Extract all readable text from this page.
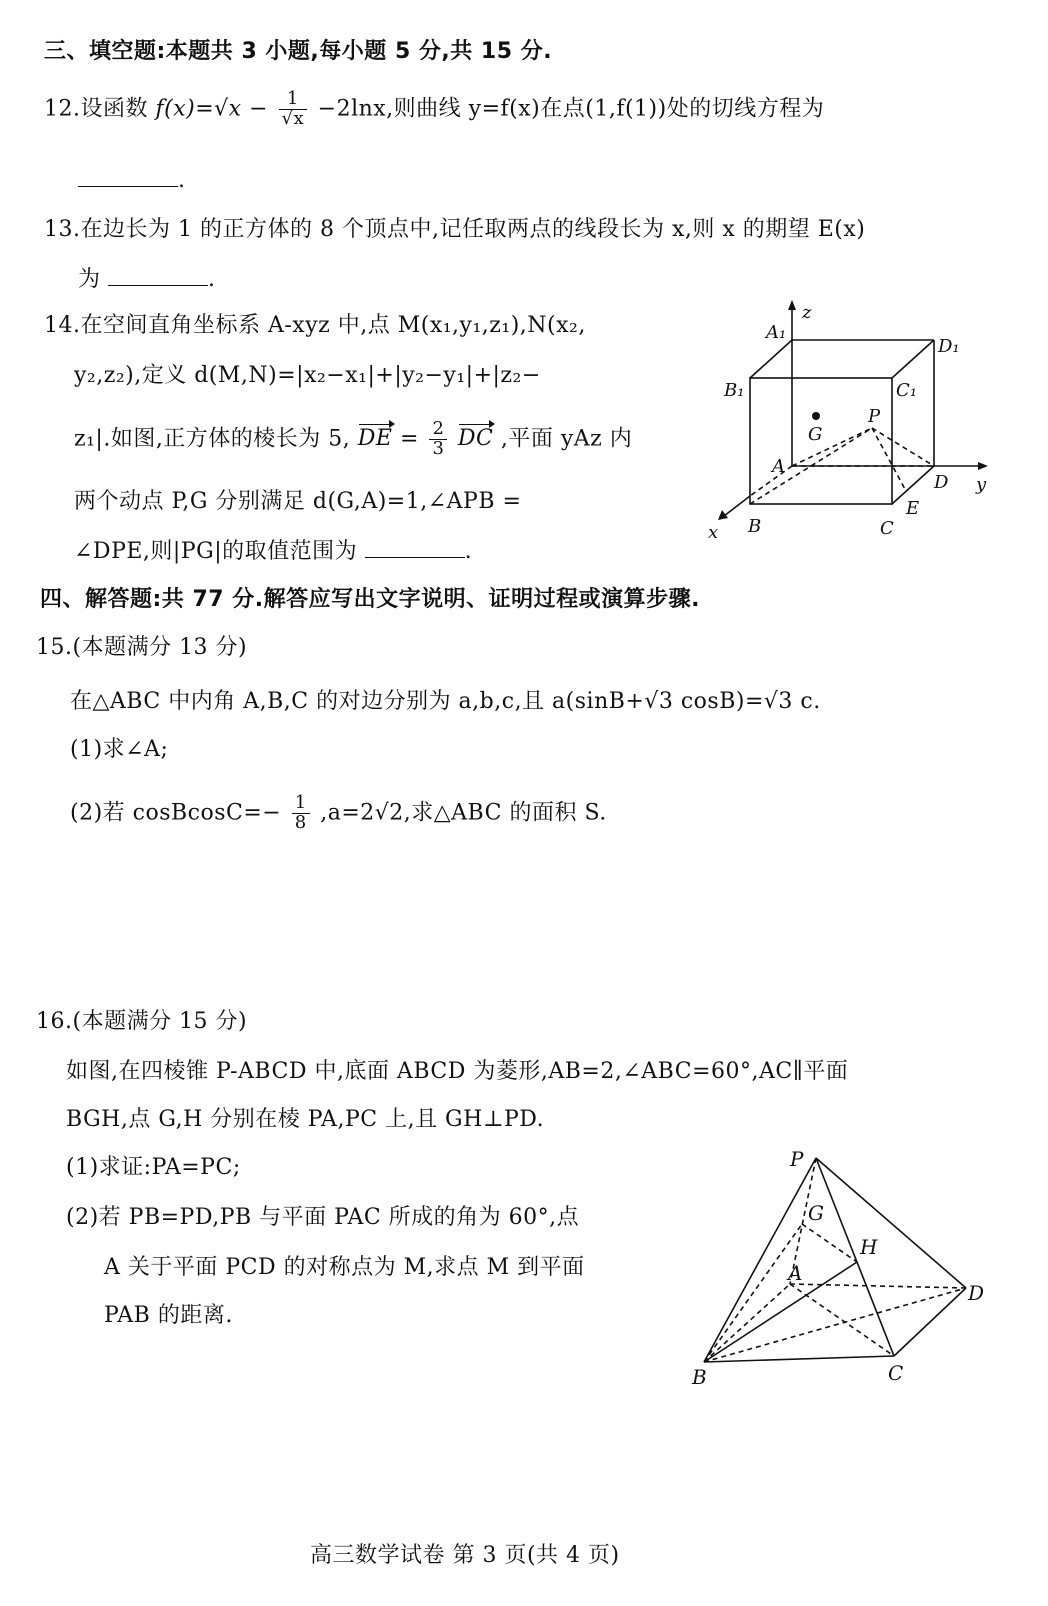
三、填空题:本题共 3 小题,每小题 5 分,共 15 分.
12.设函数 $f(x)=√x - \frac{1}{√x} -2\ln x$,则曲线 y=f(x)在点(1,f(1))处的切线方程为
.
13.在边长为 1 的正方体的 8 个顶点中,记任取两点的线段长为 x,则 x 的期望 E(x)
为	.
14.在空间直角坐标系 A-xyz 中,点 M(x₁,y₁,z₁),N(x₂,
y₂,z₂),定义 d(M,N)=|x₂−x₁|+|y₂−y₁|+|z₂−
z₁|.如图,正方体的棱长为 5, DE = $\frac{2}{3}$ DC ,平面 yAz 内
两个动点 P,G 分别满足 d(G,A)=1,∠APB =
∠DPE,则|PG|的取值范围为	.
A₁
D₁
B₁	C₁
P
G
A
D
E
B	C
x
y
z
四、解答题:共 77 分.解答应写出文字说明、证明过程或演算步骤.
15.(本题满分 13 分)
在△ABC 中内角 A,B,C 的对边分别为 a,b,c,且 a(sinB+√3 cosB)=√3 c.
(1)求∠A;
(2)若 cosBcosC=− $\frac{1}{8} ,a=2√2$,求△ABC 的面积 S.
16.(本题满分 15 分)
如图,在四棱锥 P-ABCD 中,底面 ABCD 为菱形,AB=2,∠ABC=60°,AC∥平面
BGH,点 G,H 分别在棱 PA,PC 上,且 GH⊥PD.
(1)求证:PA=PC;
(2)若 PB=PD,PB 与平面 PAC 所成的角为 60°,点
A 关于平面 PCD 的对称点为 M,求点 M 到平面
PAB 的距离.
P
G
H
A
D
B	C
高三数学试卷 第 3 页(共 4 页)
